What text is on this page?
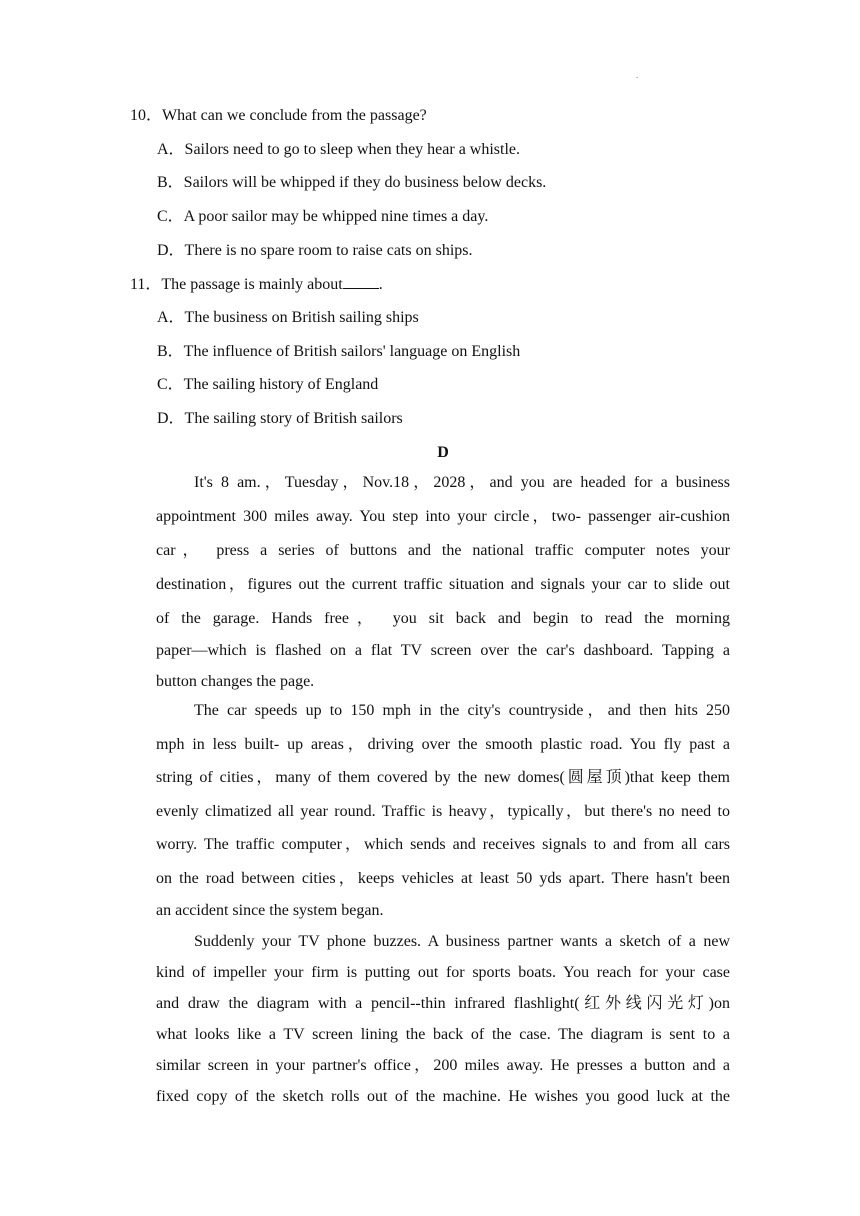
.
10．What can we conclude from the passage?
A．Sailors need to go to sleep when they hear a whistle.
B．Sailors will be whipped if they do business below decks.
C．A poor sailor may be whipped nine times a day.
D．There is no spare room to raise cats on ships.
11．The passage is mainly about .
A．The business on British sailing ships
B．The influence of British sailors' language on English
C．The sailing history of England
D．The sailing story of British sailors
D
It's 8 am.，Tuesday，Nov.18，2028，and you are headed for a business
appointment 300 miles away. You step into your circle，two- passenger air-cushion
car， press a series of buttons and the national traffic computer notes your
destination，figures out the current traffic situation and signals your car to slide out
of the garage. Hands free， you sit back and begin to read the morning
paper—which is flashed on a flat TV screen over the car's dashboard. Tapping a
button changes the page.
The car speeds up to 150 mph in the city's countryside，and then hits 250
mph in less built- up areas，driving over the smooth plastic road. You fly past a
string of cities，many of them covered by the new domes(圆屋顶)that keep them
evenly climatized all year round. Traffic is heavy，typically，but there's no need to
worry. The traffic computer，which sends and receives signals to and from all cars
on the road between cities，keeps vehicles at least 50 yds apart. There hasn't been
an accident since the system began.
Suddenly your TV phone buzzes. A business partner wants a sketch of a new
kind of impeller your firm is putting out for sports boats. You reach for your case
and draw the diagram with a pencil--thin infrared flashlight(红外线闪光灯)on
what looks like a TV screen lining the back of the case. The diagram is sent to a
similar screen in your partner's office，200 miles away. He presses a button and a
fixed copy of the sketch rolls out of the machine. He wishes you good luck at the
